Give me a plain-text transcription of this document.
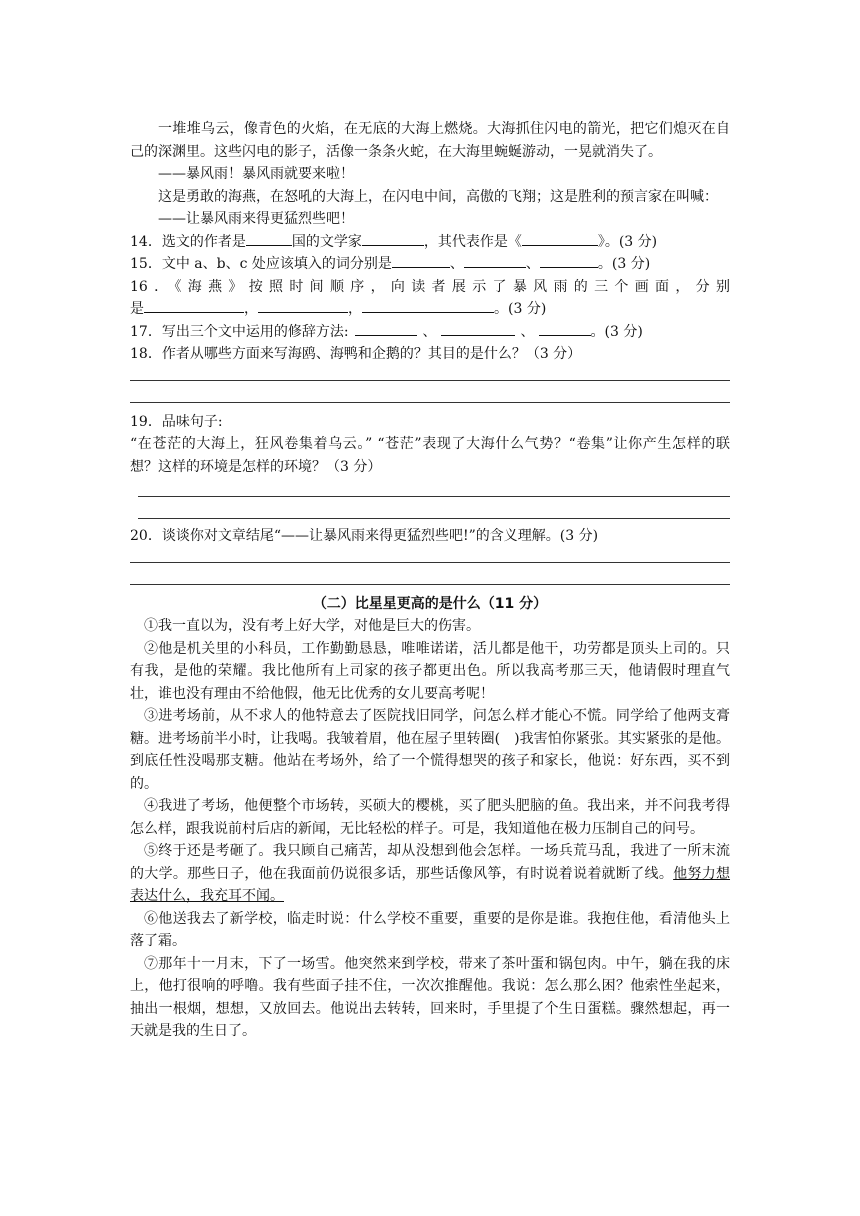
一堆堆乌云，像青色的火焰，在无底的大海上燃烧。大海抓住闪电的箭光，把它们熄灭在自己的深渊里。这些闪电的影子，活像一条条火蛇，在大海里蜿蜒游动，一晃就消失了。

——暴风雨！暴风雨就要来啦！

这是勇敢的海燕，在怒吼的大海上，在闪电中间，高傲的飞翔；这是胜利的预言家在叫喊：

——让暴风雨来得更猛烈些吧！

14．选文的作者是	国的文学家	，其代表作是《	》。(3 分)

15．文中 a、b、c 处应该填入的词分别是	、	、	。(3 分)

16．《海燕》按照时间顺序，向读者展示了暴风雨的三个画面，分别

是	，	，	。(3 分)

17．写出三个文中运用的修辞方法:	、	、	。(3 分)

18．作者从哪些方面来写海鸥、海鸭和企鹅的？其目的是什么？（3 分）

19．品味句子:

“在苍茫的大海上，狂风卷集着乌云。” “苍茫”表现了大海什么气势？“卷集”让你产生怎样的联想？这样的环境是怎样的环境？（3 分）

20．谈谈你对文章结尾“——让暴风雨来得更猛烈些吧!”的含义理解。(3 分)

（二）比星星更高的是什么（11 分）

①我一直以为，没有考上好大学，对他是巨大的伤害。

②他是机关里的小科员，工作勤勤恳恳，唯唯诺诺，活儿都是他干，功劳都是顶头上司的。只有我，是他的荣耀。我比他所有上司家的孩子都更出色。所以我高考那三天，他请假时理直气壮，谁也没有理由不给他假，他无比优秀的女儿要高考呢！

③进考场前，从不求人的他特意去了医院找旧同学，问怎么样才能心不慌。同学给了他两支膏糖。进考场前半小时，让我喝。我皱着眉，他在屋子里转圈(　)我害怕你紧张。其实紧张的是他。到底任性没喝那支糖。他站在考场外，给了一个慌得想哭的孩子和家长，他说：好东西，买不到的。

④我进了考场，他便整个市场转，买硕大的樱桃，买了肥头肥脑的鱼。我出来，并不问我考得怎么样，跟我说前村后店的新闻，无比轻松的样子。可是，我知道他在极力压制自己的问号。

⑤终于还是考砸了。我只顾自己痛苦，却从没想到他会怎样。一场兵荒马乱，我进了一所末流的大学。那些日子，他在我面前仍说很多话，那些话像风筝，有时说着说着就断了线。他努力想表达什么，我充耳不闻。

⑥他送我去了新学校，临走时说：什么学校不重要，重要的是你是谁。我抱住他，看清他头上落了霜。

⑦那年十一月末，下了一场雪。他突然来到学校，带来了茶叶蛋和锅包肉。中午，躺在我的床上，他打很响的呼噜。我有些面子挂不住，一次次推醒他。我说：怎么那么困？他索性坐起来，抽出一根烟，想想，又放回去。他说出去转转，回来时，手里提了个生日蛋糕。骤然想起，再一天就是我的生日了。
